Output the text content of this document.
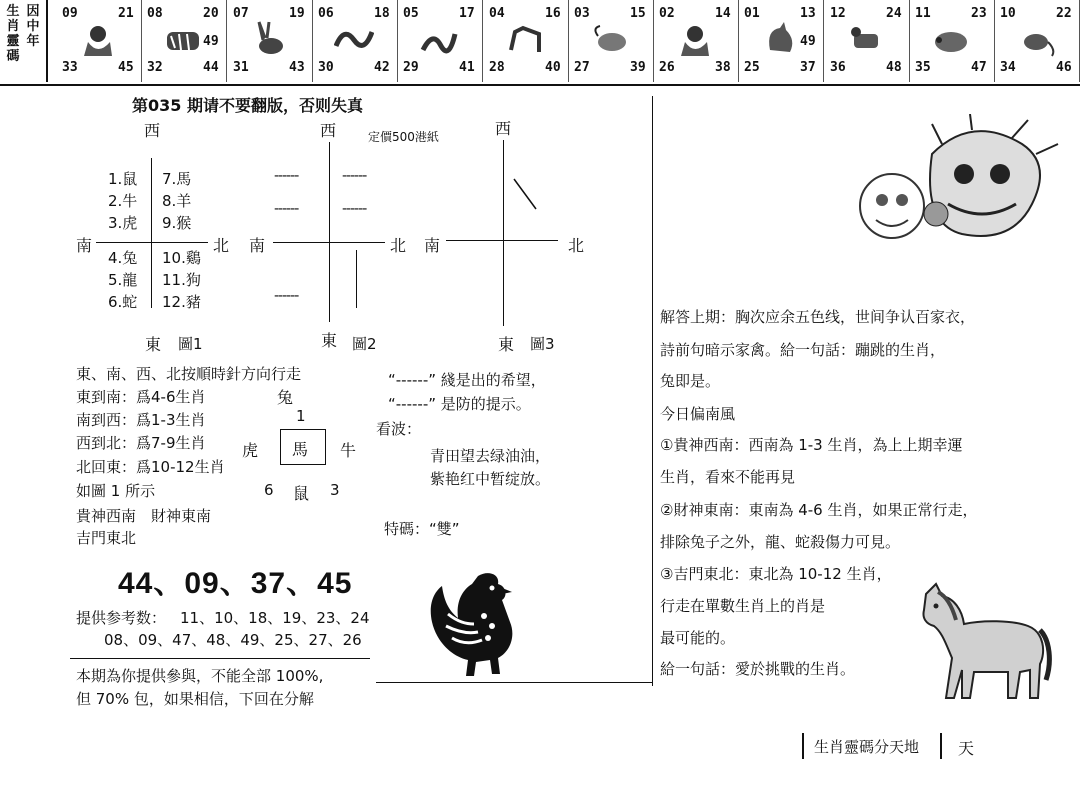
生肖靈碼
因中年
09	21
33	45
08	20
32	44
49
07	19
31	43
06	18
30	42
05	17
29	41
04	16
28	40
03	15
27	39
02	14
26	38
01	13
25	37
49
12	24
36	48
11	23
35	47
10	22
34	46
第035 期请不要翻版，否则失真
定價500港紙
西
南	北
東 圖1
1.鼠
2.牛
3.虎
4.兔
5.龍
6.蛇
7.馬
8.羊
9.猴
10.鷄
11.狗
12.豬
西
南	北
東 圖2
------	------
------	------
------
西
南	北
東 圖3
東、南、西、北按順時針方向行走
東到南：爲4-6生肖
南到西：爲1-3生肖
西到北：爲7-9生肖
北回東：爲10-12生肖
如圖 1 所示
貴神西南　財神東南
吉門東北
兔
1
虎 馬 牛
6 鼠 3
“------” 綫是出的希望，
“------” 是防的提示。
看波：
青田望去绿油油，
紫艳红中暂绽放。
特碼：“雙”
44、09、37、45
提供参考数： 11、10、18、19、23、24
08、09、47、48、49、25、27、26
本期為你提供參與，不能全部 100%,
但 70% 包，如果相信，下回在分解
解答上期：胸次应余五色线，世间争认百家衣，
詩前句暗示家禽。給一句話：蹦跳的生肖，
兔即是。
今日偏南風
①貴神西南：西南為 1-3 生肖，為上上期幸運
生肖，看來不能再見
②財神東南：東南為 4-6 生肖，如果正常行走，
排除兔子之外，龍、蛇殺傷力可見。
③吉門東北：東北為 10-12 生肖，
行走在單數生肖上的肖是
最可能的。
給一句話：愛於挑戰的生肖。
生肖靈碼分天地 天
